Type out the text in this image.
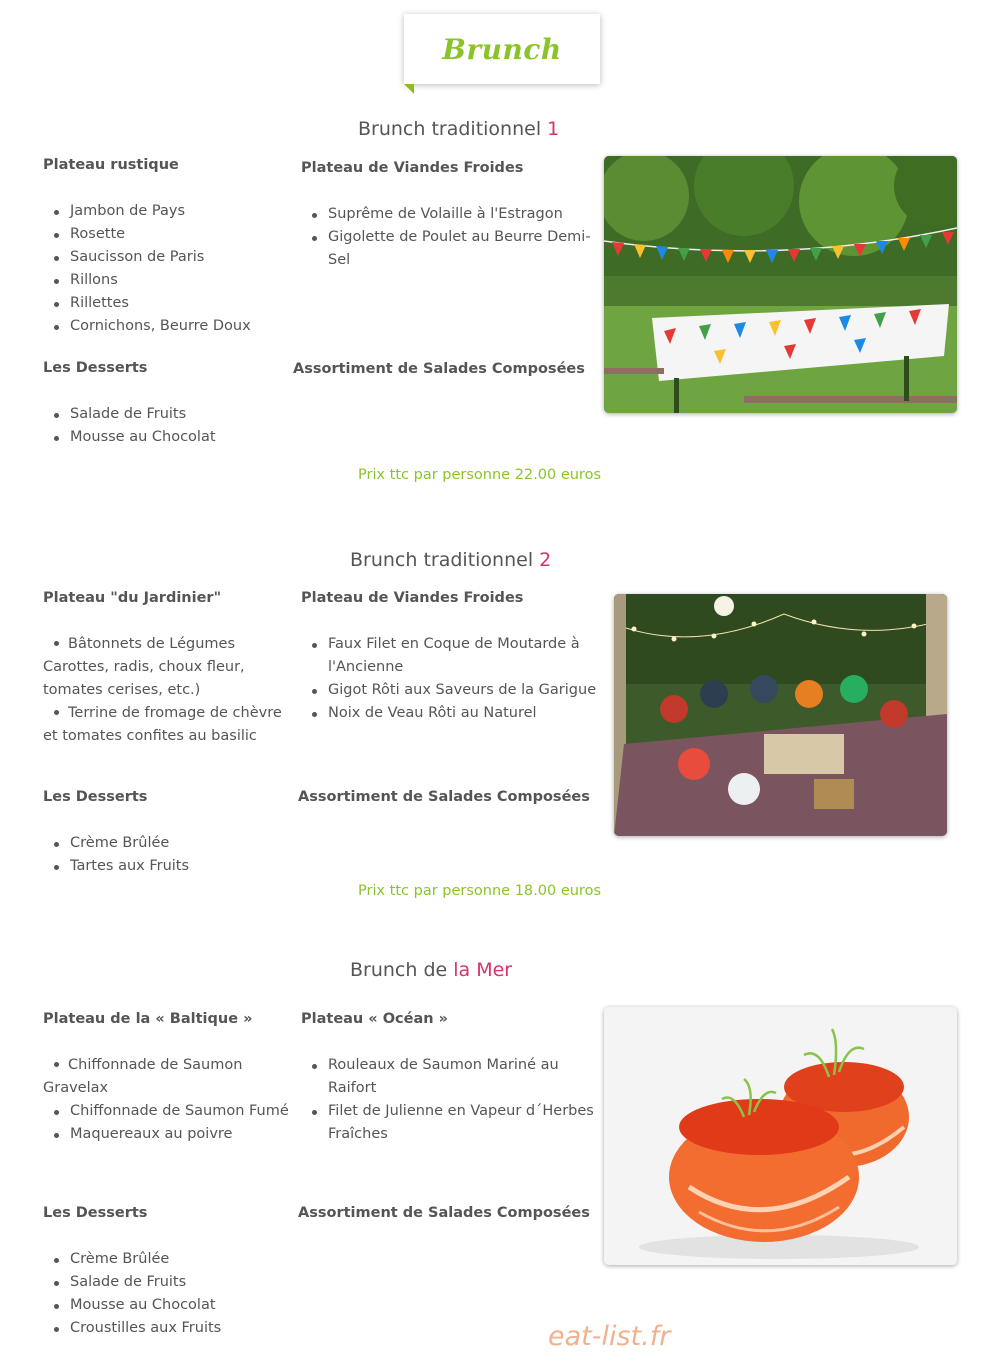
Brunch
Brunch traditionnel 1
Plateau rustique
Jambon de Pays
Rosette
Saucisson de Paris
Rillons
Rillettes
Cornichons, Beurre Doux
Plateau de Viandes Froides
Suprême de Volaille à l'Estragon
Gigolette de Poulet au Beurre Demi-Sel
Les Desserts
Salade de Fruits
Mousse au Chocolat
Assortiment de Salades Composées
Prix ttc par personne 22.00 euros
Brunch traditionnel 2
Plateau "du Jardinier"
Bâtonnets de Légumes Carottes, radis, choux fleur, tomates cerises, etc.)
Terrine de fromage de chèvre et tomates confites au basilic
Plateau de Viandes Froides
Faux Filet en Coque de Moutarde à l'Ancienne
Gigot Rôti aux Saveurs de la Garigue
Noix de Veau Rôti au Naturel
Les Desserts
Crème Brûlée
Tartes aux Fruits
Assortiment de Salades Composées
Prix ttc par personne 18.00 euros
Brunch de la Mer
Plateau de la « Baltique »
Chiffonnade de Saumon Gravelax
Chiffonnade de Saumon Fumé
Maquereaux au poivre
Plateau « Océan »
Rouleaux de Saumon Mariné au Raifort
Filet de Julienne en Vapeur d´Herbes Fraîches
Les Desserts
Crème Brûlée
Salade de Fruits
Mousse au Chocolat
Croustilles aux Fruits
Assortiment de Salades Composées
eat-list.fr
